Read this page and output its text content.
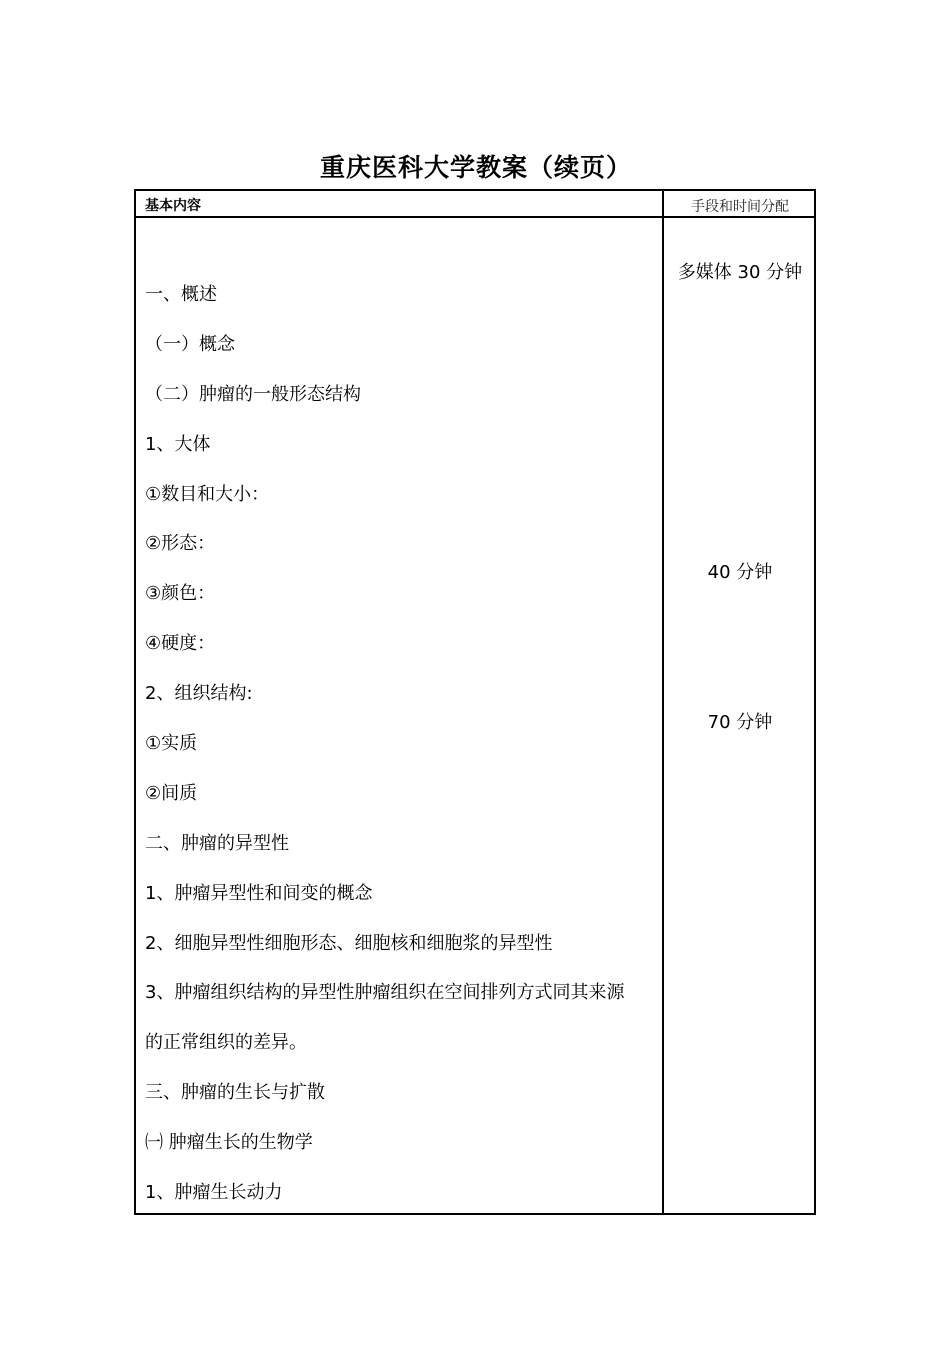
重庆医科大学教案（续页）
基本内容	手段和时间分配
一、概述
（一）概念
（二）肿瘤的一般形态结构
1、大体
①数目和大小：
②形态：
③颜色：
④硬度：
2、组织结构:
①实质
②间质
二、肿瘤的异型性
1、肿瘤异型性和间变的概念
2、细胞异型性细胞形态、细胞核和细胞浆的异型性
3、肿瘤组织结构的异型性肿瘤组织在空间排列方式同其来源
的正常组织的差异。
三、肿瘤的生长与扩散
㈠ 肿瘤生长的生物学
1、肿瘤生长动力
多媒体 30 分钟
40 分钟
70 分钟
